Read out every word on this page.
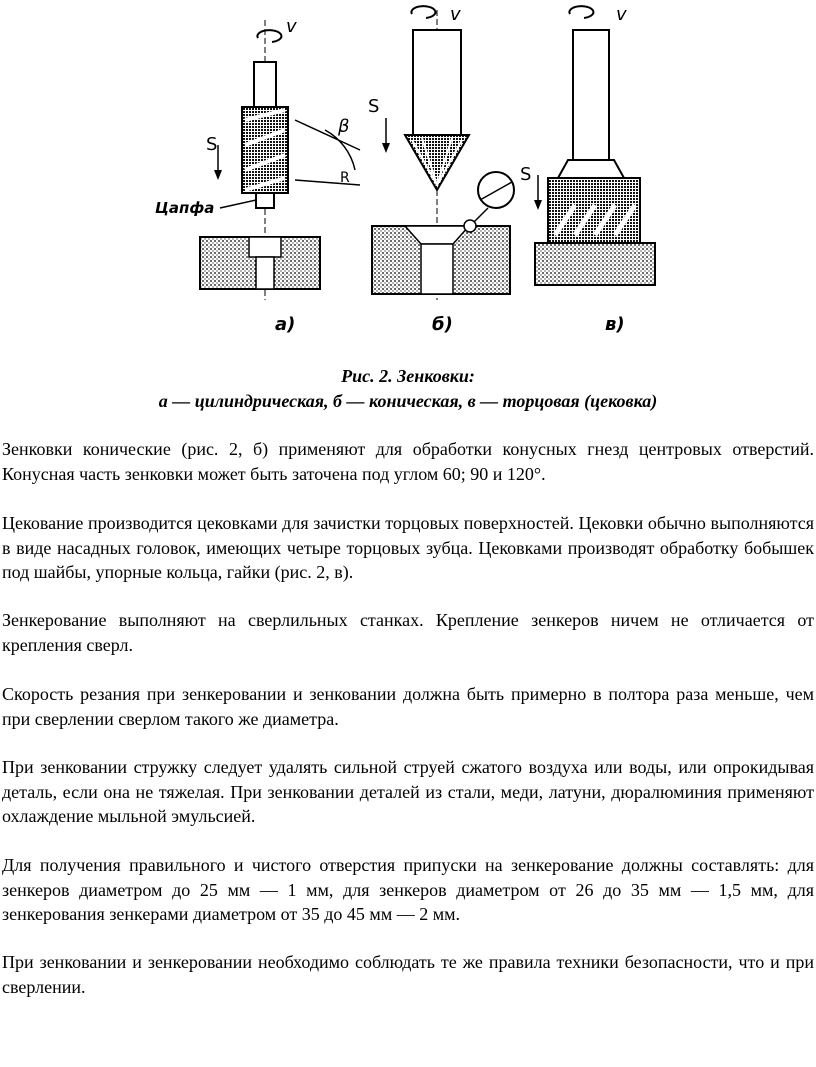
v
S
β
R
Цапфа
а)
v
S
б)
v
S
в)
Рис. 2. Зенковки:
а — цилиндрическая, б — коническая, в — торцовая (цековка)

Зенковки конические (рис. 2, б) применяют для обработки конусных гнезд центровых отверстий. Конусная часть зенковки может быть заточена под углом 60; 90 и 120°.

Цекование производится цековками для зачистки торцовых поверхностей. Цековки обычно выполняются в виде насадных головок, имеющих четыре торцовых зубца. Цековками производят обработку бобышек под шайбы, упорные кольца, гайки (рис. 2, в).

Зенкерование выполняют на сверлильных станках. Крепление зенкеров ничем не отличается от крепления сверл.

Скорость резания при зенкеровании и зенковании должна быть примерно в полтора раза меньше, чем при сверлении сверлом такого же диаметра.

При зенковании стружку следует удалять сильной струей сжатого воздуха или воды, или опрокидывая деталь, если она не тяжелая. При зенковании деталей из стали, меди, латуни, дюралюминия применяют охлаждение мыльной эмульсией.

Для получения правильного и чистого отверстия припуски на зенкерование должны составлять: для зенкеров диаметром до 25 мм — 1 мм, для зенкеров диаметром от 26 до 35 мм — 1,5 мм, для зенкерования зенкерами диаметром от 35 до 45 мм — 2 мм.

При зенковании и зенкеровании необходимо соблюдать те же правила техники безопасности, что и при сверлении.
